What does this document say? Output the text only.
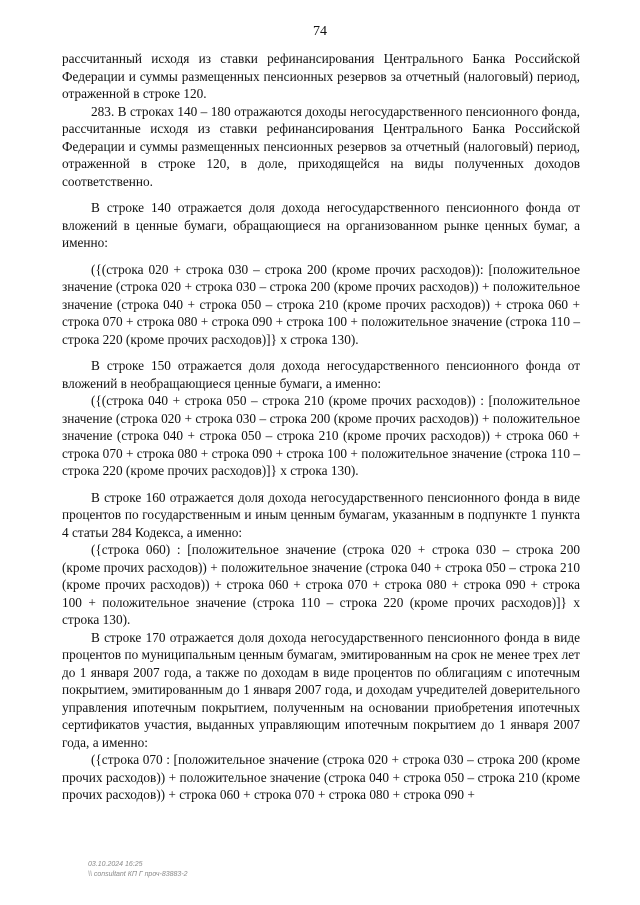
74

рассчитанный исходя из ставки рефинансирования Центрального Банка Российской Федерации и суммы размещенных пенсионных резервов за отчетный (налоговый) период, отраженной в строке 120.

283. В строках 140 – 180 отражаются доходы негосударственного пенсионного фонда, рассчитанные исходя из ставки рефинансирования Центрального Банка Российской Федерации и суммы размещенных пенсионных резервов за отчетный (налоговый) период, отраженной в строке 120, в доле, приходящейся на виды полученных доходов соответственно.

В строке 140 отражается доля дохода негосударственного пенсионного фонда от вложений в ценные бумаги, обращающиеся на организованном рынке ценных бумаг, а именно:

({(строка 020 + строка 030 – строка 200 (кроме прочих расходов)): [положительное значение (строка 020 + строка 030 – строка 200 (кроме прочих расходов)) + положительное значение (строка 040 + строка 050 – строка 210 (кроме прочих расходов)) + строка 060 + строка 070 + строка 080 + строка 090 + строка 100 + положительное значение (строка 110 – строка 220 (кроме прочих расходов)]} x строка 130).

В строке 150 отражается доля дохода негосударственного пенсионного фонда от вложений в необращающиеся ценные бумаги, а именно:

({(строка 040 + строка 050 – строка 210 (кроме прочих расходов)) : [положительное значение (строка 020 + строка 030 – строка 200 (кроме прочих расходов)) + положительное значение (строка 040 + строка 050 – строка 210 (кроме прочих расходов)) + строка 060 + строка 070 + строка 080 + строка 090 + строка 100 + положительное значение (строка 110 – строка 220 (кроме прочих расходов)]} x строка 130).

В строке 160 отражается доля дохода негосударственного пенсионного фонда в виде процентов по государственным и иным ценным бумагам, указанным в подпункте 1 пункта 4 статьи 284 Кодекса, а именно:

({строка 060) : [положительное значение (строка 020 + строка 030 – строка 200 (кроме прочих расходов)) + положительное значение (строка 040 + строка 050 – строка 210 (кроме прочих расходов)) + строка 060 + строка 070 + строка 080 + строка 090 + строка 100 + положительное значение (строка 110 – строка 220 (кроме прочих расходов)]} x строка 130).

В строке 170 отражается доля дохода негосударственного пенсионного фонда в виде процентов по муниципальным ценным бумагам, эмитированным на срок не менее трех лет до 1 января 2007 года, а также по доходам в виде процентов по облигациям с ипотечным покрытием, эмитированным до 1 января 2007 года, и доходам учредителей доверительного управления ипотечным покрытием, полученным на основании приобретения ипотечных сертификатов участия, выданных управляющим ипотечным покрытием до 1 января 2007 года, а именно:

({строка 070 : [положительное значение (строка 020 + строка 030 – строка 200 (кроме прочих расходов)) + положительное значение (строка 040 + строка 050 – строка 210 (кроме прочих расходов)) + строка 060 + строка 070 + строка 080 + строка 090 +

03.10.2024 16:25
\\ consultant КП Г проч-83883-2
